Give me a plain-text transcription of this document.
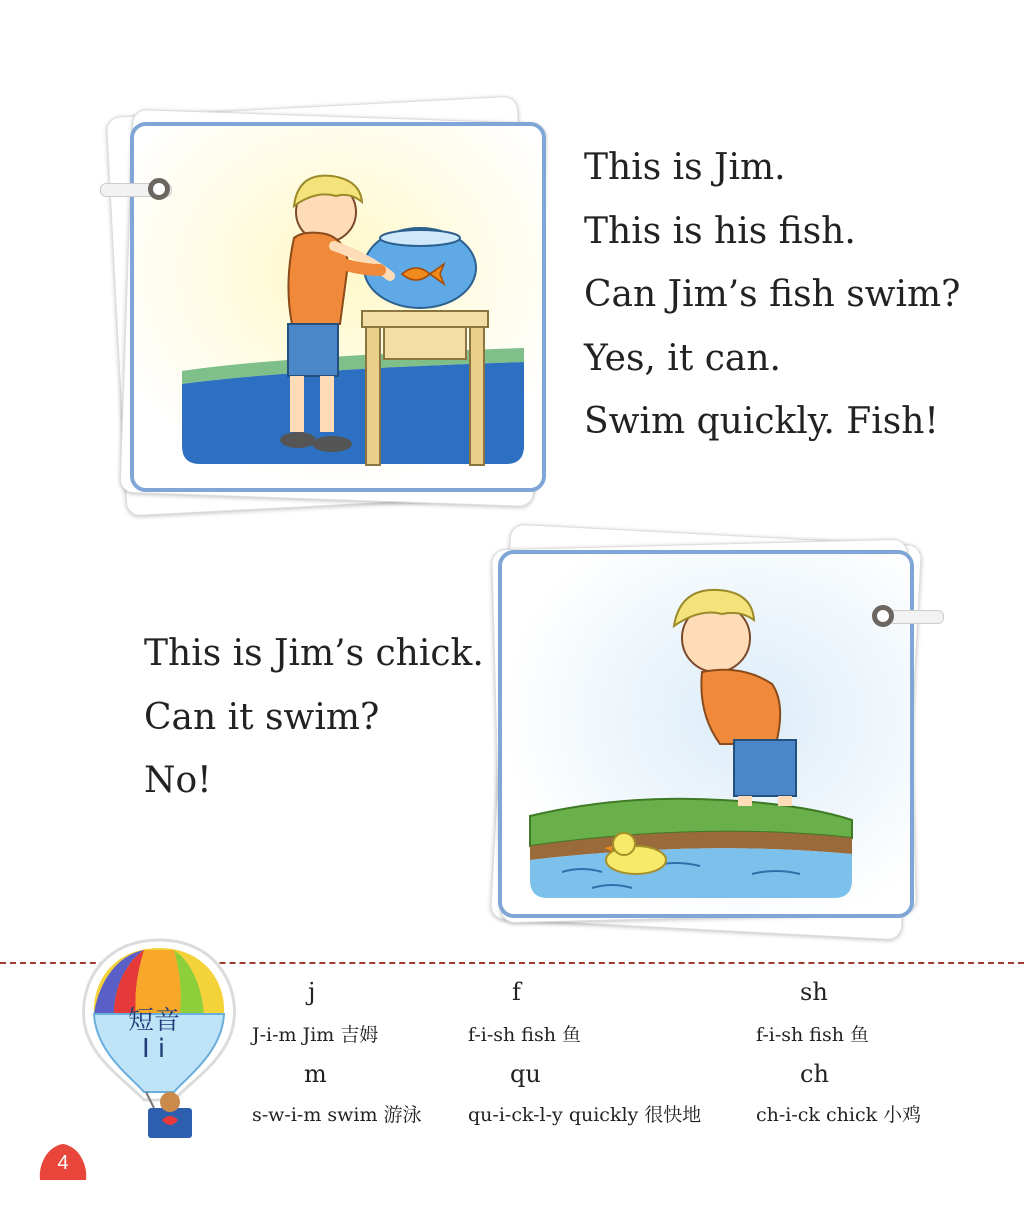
This is Jim.
This is his fish.
Can Jim’s fish swim?
Yes, it can.
Swim quickly. Fish!
This is Jim’s chick.
Can it swim?
No!
短音
I i
j
J-i-m Jim 吉姆
f
f-i-sh fish 鱼
sh
f-i-sh fish 鱼
m
s-w-i-m swim 游泳
qu
qu-i-ck-l-y quickly 很快地
ch
ch-i-ck chick 小鸡
4
